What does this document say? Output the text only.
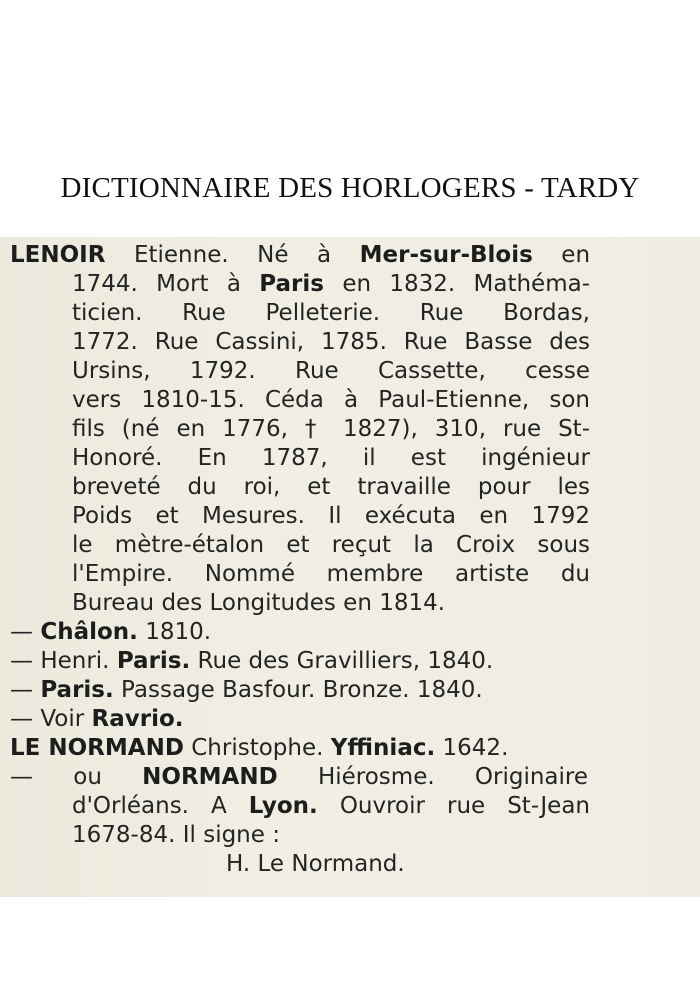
DICTIONNAIRE DES HORLOGERS - TARDY
LENOIR Etienne. Né à Mer-sur-Blois en
1744. Mort à Paris en 1832. Mathéma-
ticien. Rue Pelleterie. Rue Bordas,
1772. Rue Cassini, 1785. Rue Basse des
Ursins, 1792. Rue Cassette, cesse
vers 1810-15. Céda à Paul-Etienne, son
fils (né en 1776, † 1827), 310, rue St-
Honoré. En 1787, il est ingénieur
breveté du roi, et travaille pour les
Poids et Mesures. Il exécuta en 1792
le mètre-étalon et reçut la Croix sous
l'Empire. Nommé membre artiste du
Bureau des Longitudes en 1814.
— Châlon. 1810.
— Henri. Paris. Rue des Gravilliers, 1840.
— Paris. Passage Basfour. Bronze. 1840.
— Voir Ravrio.
LE NORMAND Christophe. Yffiniac. 1642.
— ou NORMAND Hiérosme. Originaire
d'Orléans. A Lyon. Ouvroir rue St-Jean
1678-84. Il signe :
H. Le Normand.
